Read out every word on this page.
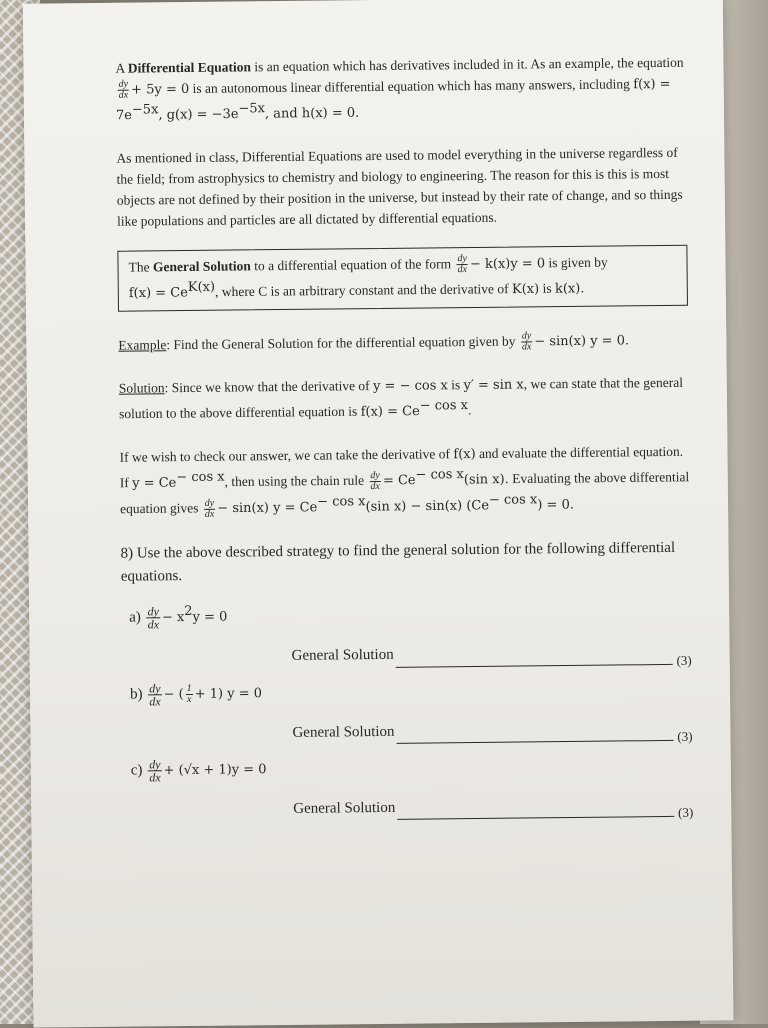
A Differential Equation is an equation which has derivatives included in it. As an example, the equation
$\frac{dy}{dx} + 5y = 0$ is an autonomous linear differential equation which has many answers, including $f(x) = 7e^{-5x}$, $g(x) = -3e^{-5x}$, and h(x) = 0.

As mentioned in class, Differential Equations are used to model everything in the universe regardless of the field; from astrophysics to chemistry and biology to engineering. The reason for this is this is most objects are not defined by their position in the universe, but instead by their rate of change, and so things like populations and particles are all dictated by differential equations.

The General Solution to a differential equation of the form $\frac{dy}{dx} - k(x)y = 0$ is given by
$f(x) = Ce^{K(x)}$, where C is an arbitrary constant and the derivative of K(x) is k(x).

Example: Find the General Solution for the differential equation given by $\frac{dy}{dx} - \sin(x) y = 0$.

Solution: Since we know that the derivative of y = − cos x is y′ = sin x, we can state that the general solution to the above differential equation is $f(x) = Ce^{- cos x}$.

If we wish to check our answer, we can take the derivative of f(x) and evaluate the differential equation. If $y = Ce^{- cos x}$, then using the chain rule $\frac{dy}{dx} = Ce^{- cos x}(\sin$ x). Evaluating the above differential equation gives $\frac{dy}{dx} - \sin(x) y = Ce^{- cos x}(\sin$ x) − sin(x) $(Ce^{- cos x}) = 0$.

8) Use the above described strategy to find the general solution for the following differential equations.

$a) \frac{dy}{dx} - x^2y = 0$
General Solution	(3)
$b) \frac{dy}{dx}$ − ( $\frac{1}{x} + 1$) y = 0
General Solution	(3)
$c) \frac{dy}{dx} + (√x + 1)y = 0$
General Solution	(3)
